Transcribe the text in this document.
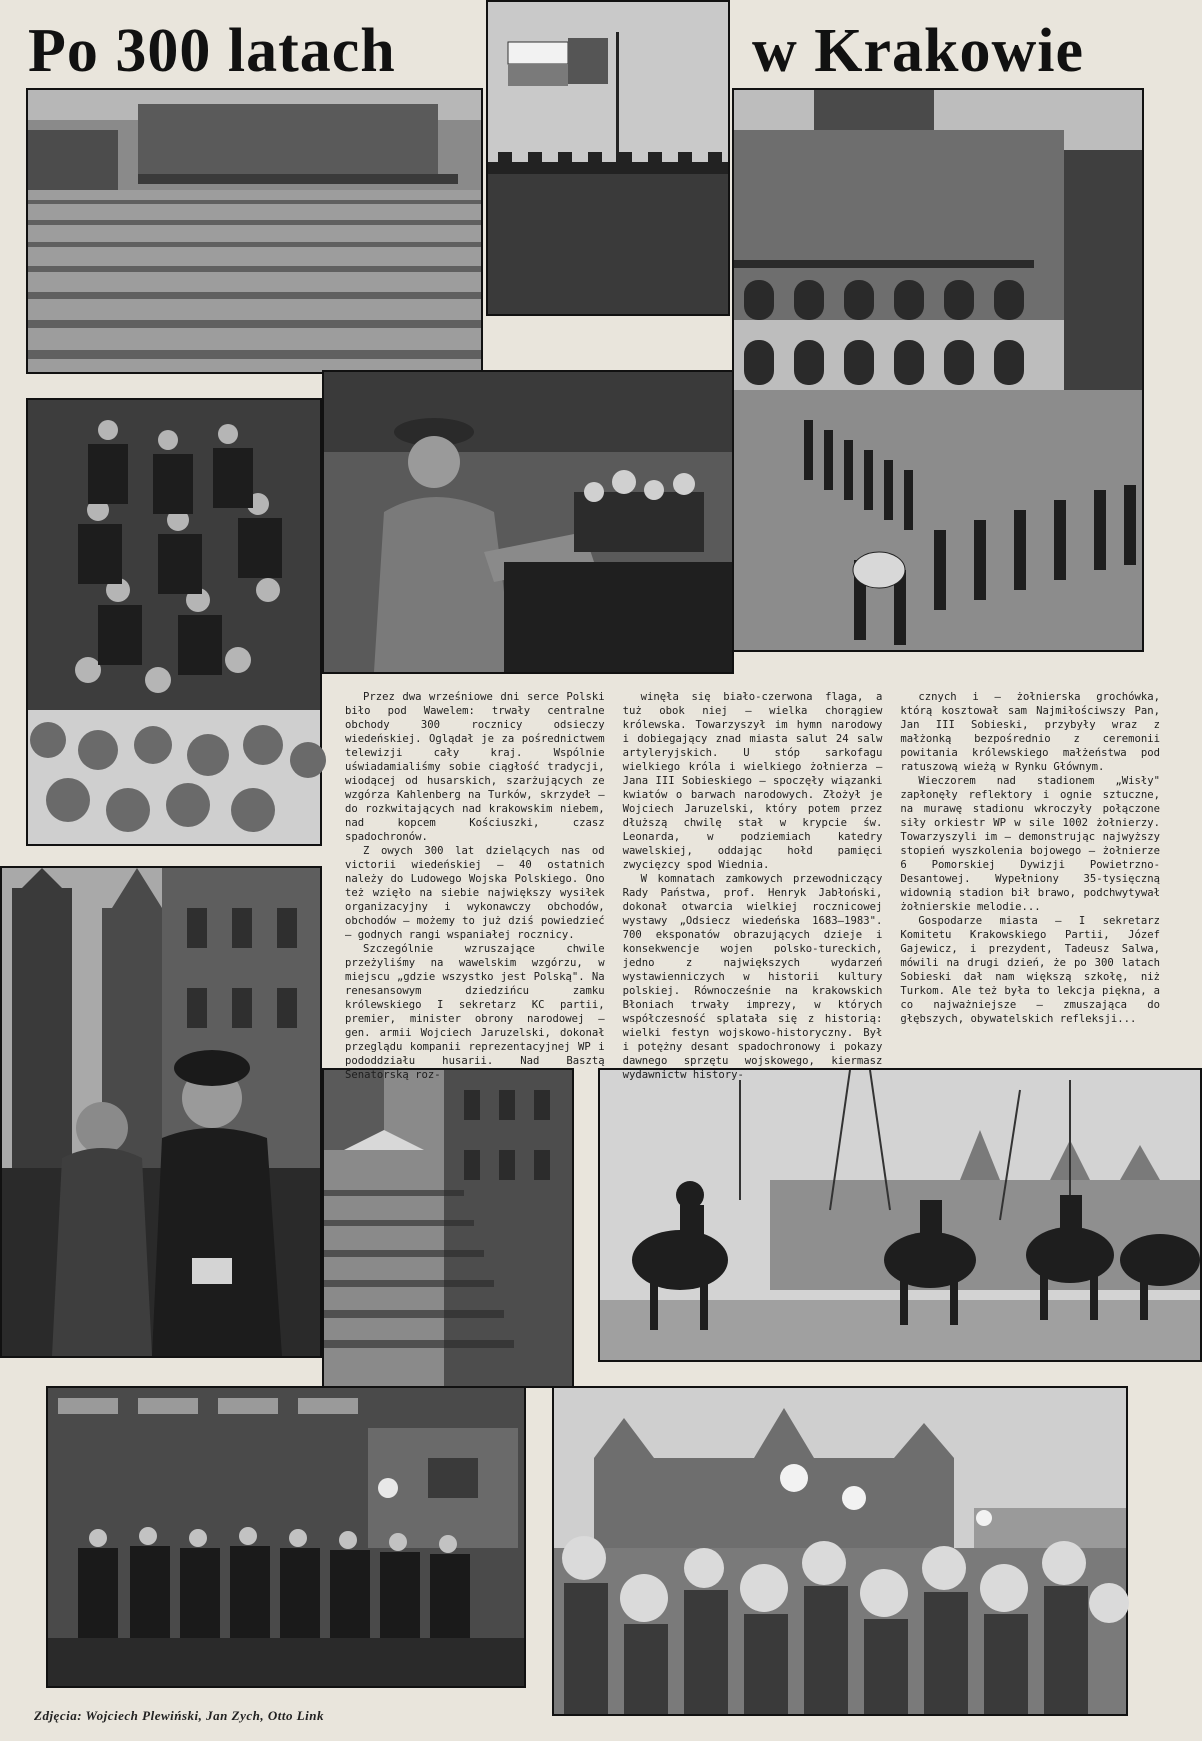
Po 300 latach	w Krakowie

Przez dwa wrześniowe dni serce Polski biło pod Wawelem: trwały centralne obchody 300 rocznicy odsieczy wiedeńskiej. Oglądał je za pośrednictwem telewizji cały kraj. Wspólnie uświadamialiśmy sobie ciągłość tradycji, wiodącej od husarskich, szarżujących ze wzgórza Kahlenberg na Turków, skrzydeł — do rozkwitających nad krakowskim niebem, nad kopcem Kościuszki, czasz spadochronów.

Z owych 300 lat dzielących nas od victorii wiedeńskiej — 40 ostatnich należy do Ludowego Wojska Polskiego. Ono też wzięło na siebie największy wysiłek organizacyjny i wykonawczy obchodów, obchodów — możemy to już dziś powiedzieć — godnych rangi wspaniałej rocznicy.

Szczególnie wzruszające chwile przeżyliśmy na wawelskim wzgórzu, w miejscu „gdzie wszystko jest Polską". Na renesansowym dziedzińcu zamku królewskiego I sekretarz KC partii, premier, minister obrony narodowej — gen. armii Wojciech Jaruzelski, dokonał przeglądu kompanii reprezentacyjnej WP i pododdziału husarii. Nad Basztą Senatorską roz-

winęła się biało-czerwona flaga, a tuż obok niej — wielka chorągiew królewska. Towarzyszył im hymn narodowy i dobiegający znad miasta salut 24 salw artyleryjskich. U stóp sarkofagu wielkiego króla i wielkiego żołnierza — Jana III Sobieskiego — spoczęły wiązanki kwiatów o barwach narodowych. Złożył je Wojciech Jaruzelski, który potem przez dłuższą chwilę stał w krypcie św. Leonarda, w podziemiach katedry wawelskiej, oddając hołd pamięci zwycięzcy spod Wiednia.

W komnatach zamkowych przewodniczący Rady Państwa, prof. Henryk Jabłoński, dokonał otwarcia wielkiej rocznicowej wystawy „Odsiecz wiedeńska 1683—1983". 700 eksponatów obrazujących dzieje i konsekwencje wojen polsko-tureckich, jedno z największych wydarzeń wystawienniczych w historii kultury polskiej. Równocześnie na krakowskich Błoniach trwały imprezy, w których współczesność splatała się z historią: wielki festyn wojskowo-historyczny. Był i potężny desant spadochronowy i pokazy dawnego sprzętu wojskowego, kiermasz wydawnictw history-

cznych i — żołnierska grochówka, którą kosztował sam Najmiłościwszy Pan, Jan III Sobieski, przybyły wraz z małżonką bezpośrednio z ceremonii powitania królewskiego małżeństwa pod ratuszową wieżą w Rynku Głównym.

Wieczorem nad stadionem „Wisły" zapłonęły reflektory i ognie sztuczne, na murawę stadionu wkroczyły połączone siły orkiestr WP w sile 1002 żołnierzy. Towarzyszyli im — demonstrując najwyższy stopień wyszkolenia bojowego — żołnierze 6 Pomorskiej Dywizji Powietrzno-Desantowej. Wypełniony 35-tysięczną widownią stadion bił brawo, podchwytywał żołnierskie melodie...

Gospodarze miasta — I sekretarz Komitetu Krakowskiego Partii, Józef Gajewicz, i prezydent, Tadeusz Salwa, mówili na drugi dzień, że po 300 latach Sobieski dał nam większą szkołę, niż Turkom. Ale też była to lekcja piękna, a co najważniejsze — zmuszająca do głębszych, obywatelskich refleksji...

Zdjęcia: Wojciech Plewiński, Jan Zych, Otto Link
